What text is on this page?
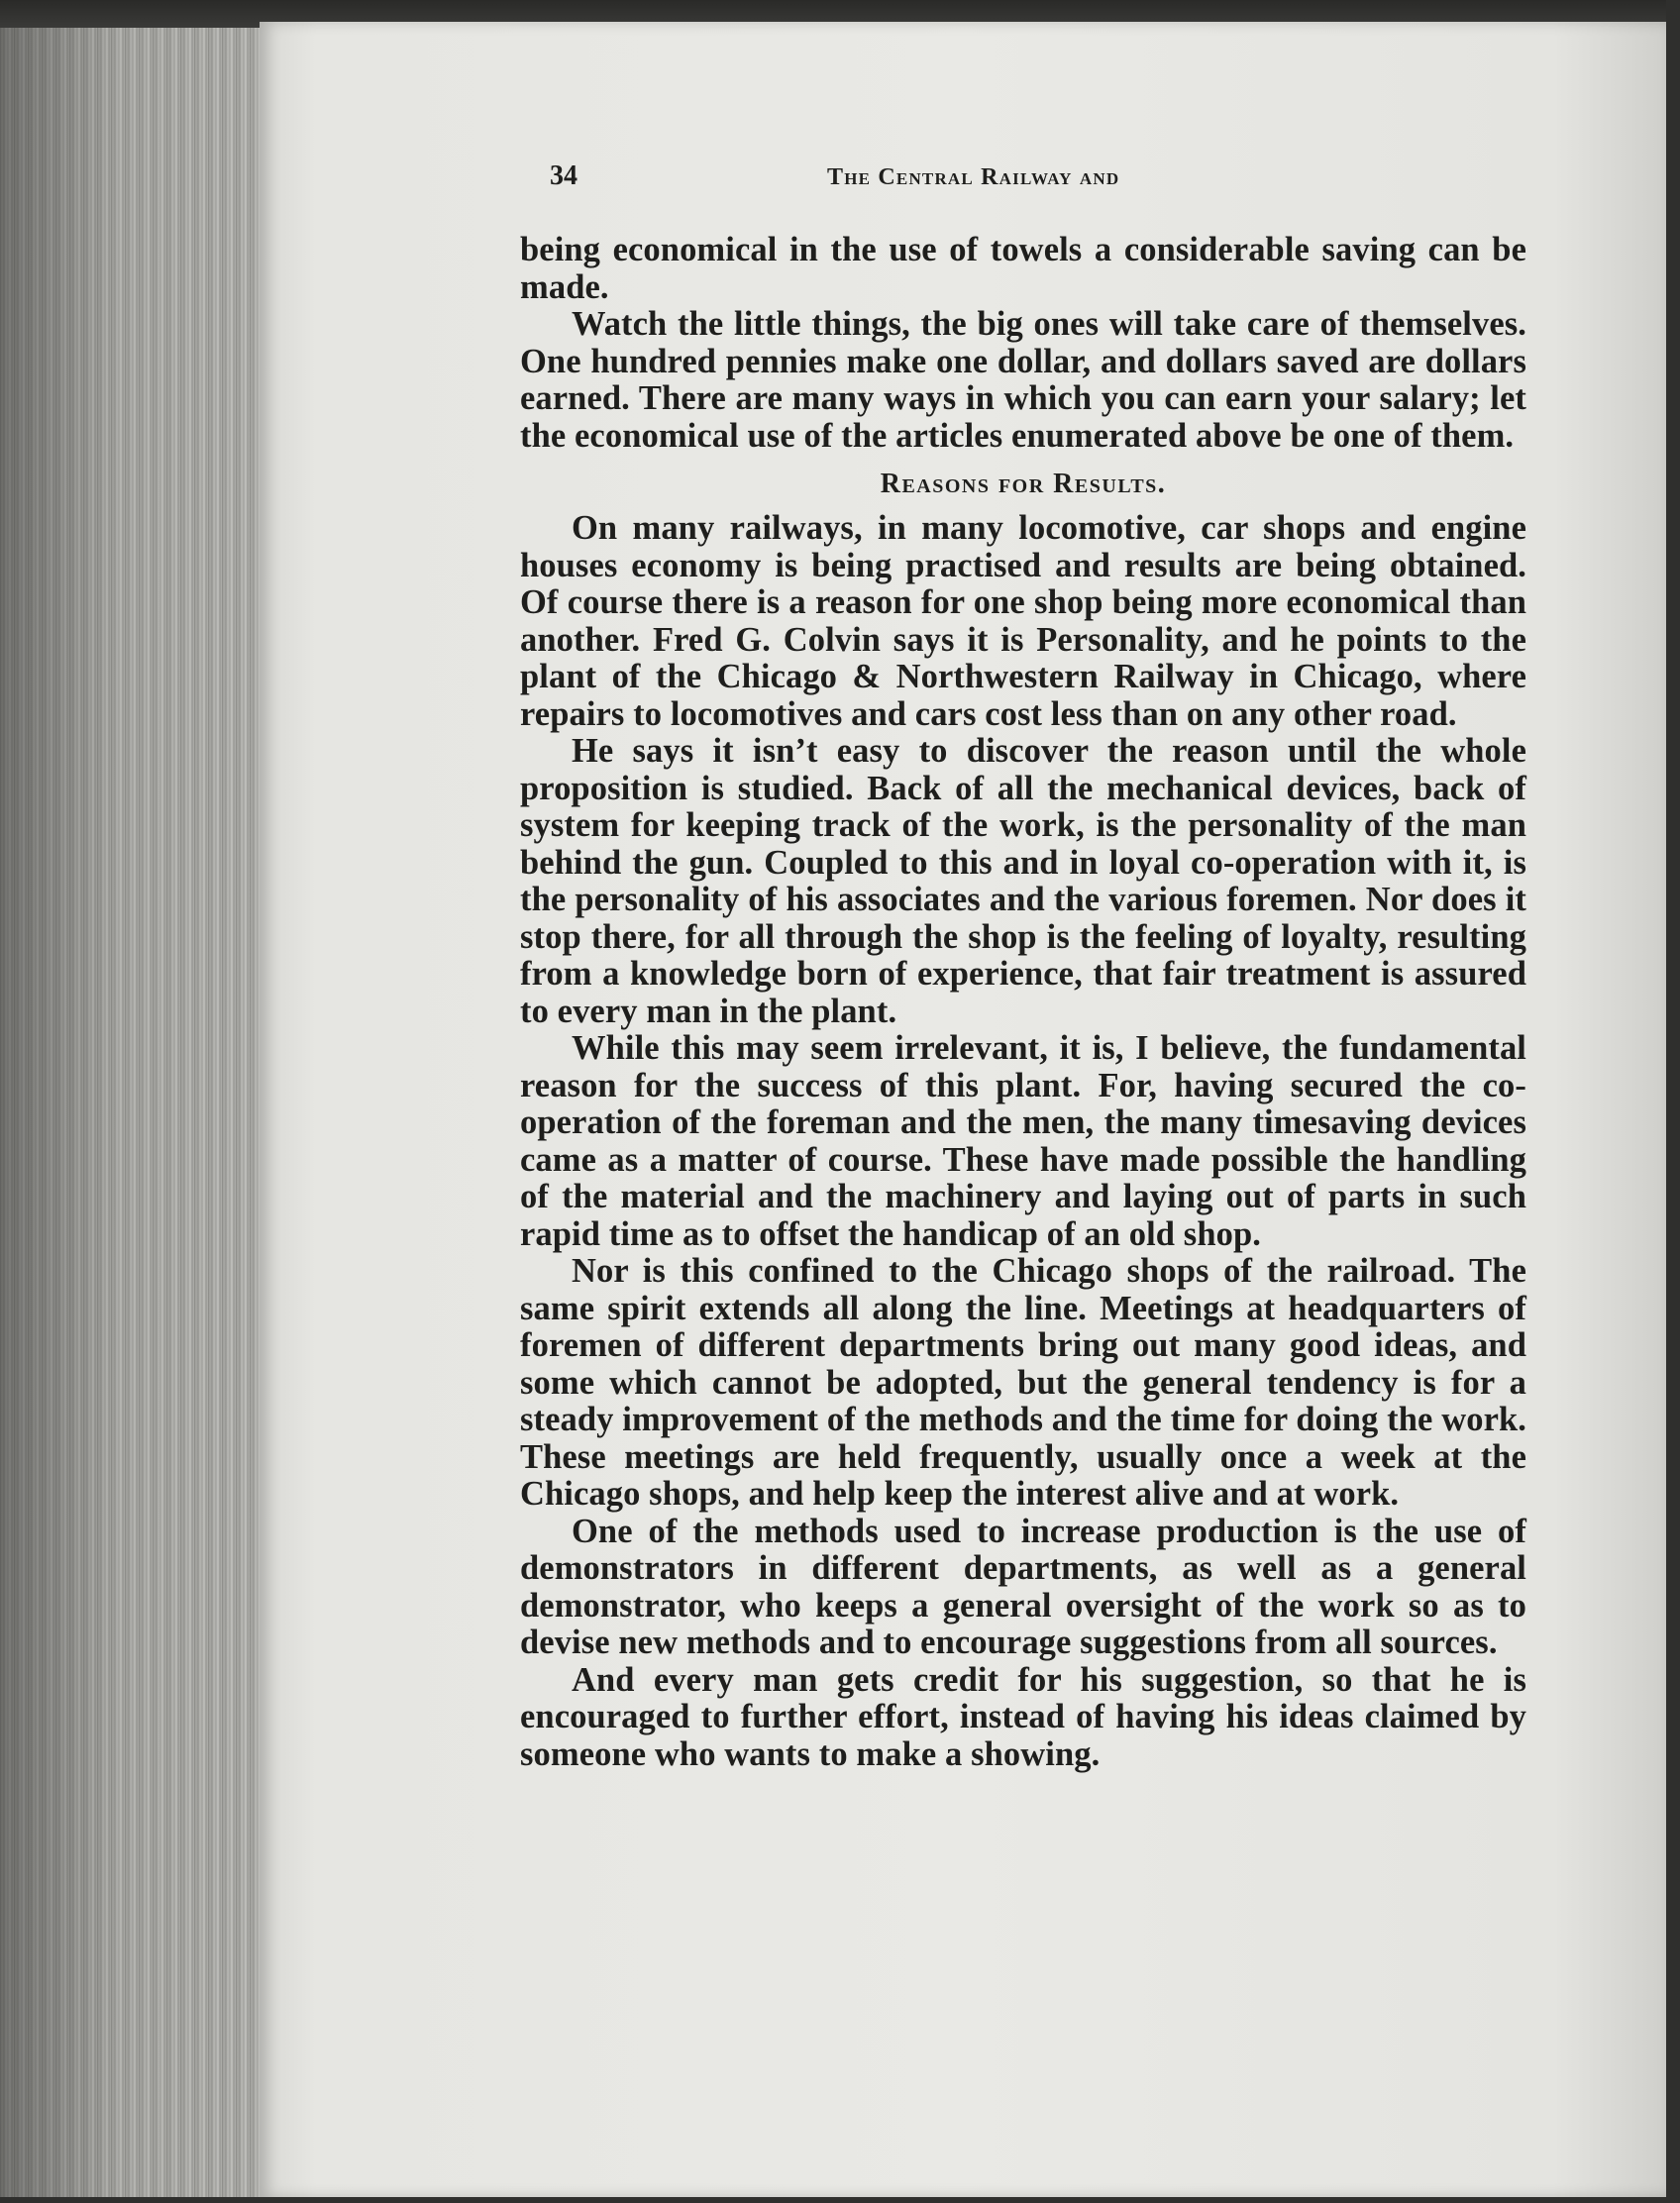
34	The Central Railway and

being economical in the use of towels a considerable saving can be made.

Watch the little things, the big ones will take care of themselves. One hundred pennies make one dollar, and dollars saved are dollars earned. There are many ways in which you can earn your salary; let the economical use of the articles enumerated above be one of them.

Reasons for Results.

On many railways, in many locomotive, car shops and engine houses economy is being practised and results are being obtained. Of course there is a reason for one shop being more economical than another. Fred G. Colvin says it is Personality, and he points to the plant of the Chicago & Northwestern Railway in Chicago, where repairs to locomotives and cars cost less than on any other road.

He says it isn’t easy to discover the reason until the whole proposition is studied. Back of all the mechanical devices, back of system for keeping track of the work, is the personality of the man behind the gun. Coupled to this and in loyal co-operation with it, is the personality of his associates and the various foremen. Nor does it stop there, for all through the shop is the feeling of loyalty, resulting from a knowledge born of experience, that fair treatment is assured to every man in the plant.

While this may seem irrelevant, it is, I believe, the fundamental reason for the success of this plant. For, having secured the co-operation of the foreman and the men, the many timesaving devices came as a matter of course. These have made possible the handling of the material and the machinery and laying out of parts in such rapid time as to offset the handicap of an old shop.

Nor is this confined to the Chicago shops of the railroad. The same spirit extends all along the line. Meetings at headquarters of foremen of different departments bring out many good ideas, and some which cannot be adopted, but the general tendency is for a steady improvement of the methods and the time for doing the work. These meetings are held frequently, usually once a week at the Chicago shops, and help keep the interest alive and at work.

One of the methods used to increase production is the use of demonstrators in different departments, as well as a general demonstrator, who keeps a general oversight of the work so as to devise new methods and to encourage suggestions from all sources.

And every man gets credit for his suggestion, so that he is encouraged to further effort, instead of having his ideas claimed by someone who wants to make a showing.
